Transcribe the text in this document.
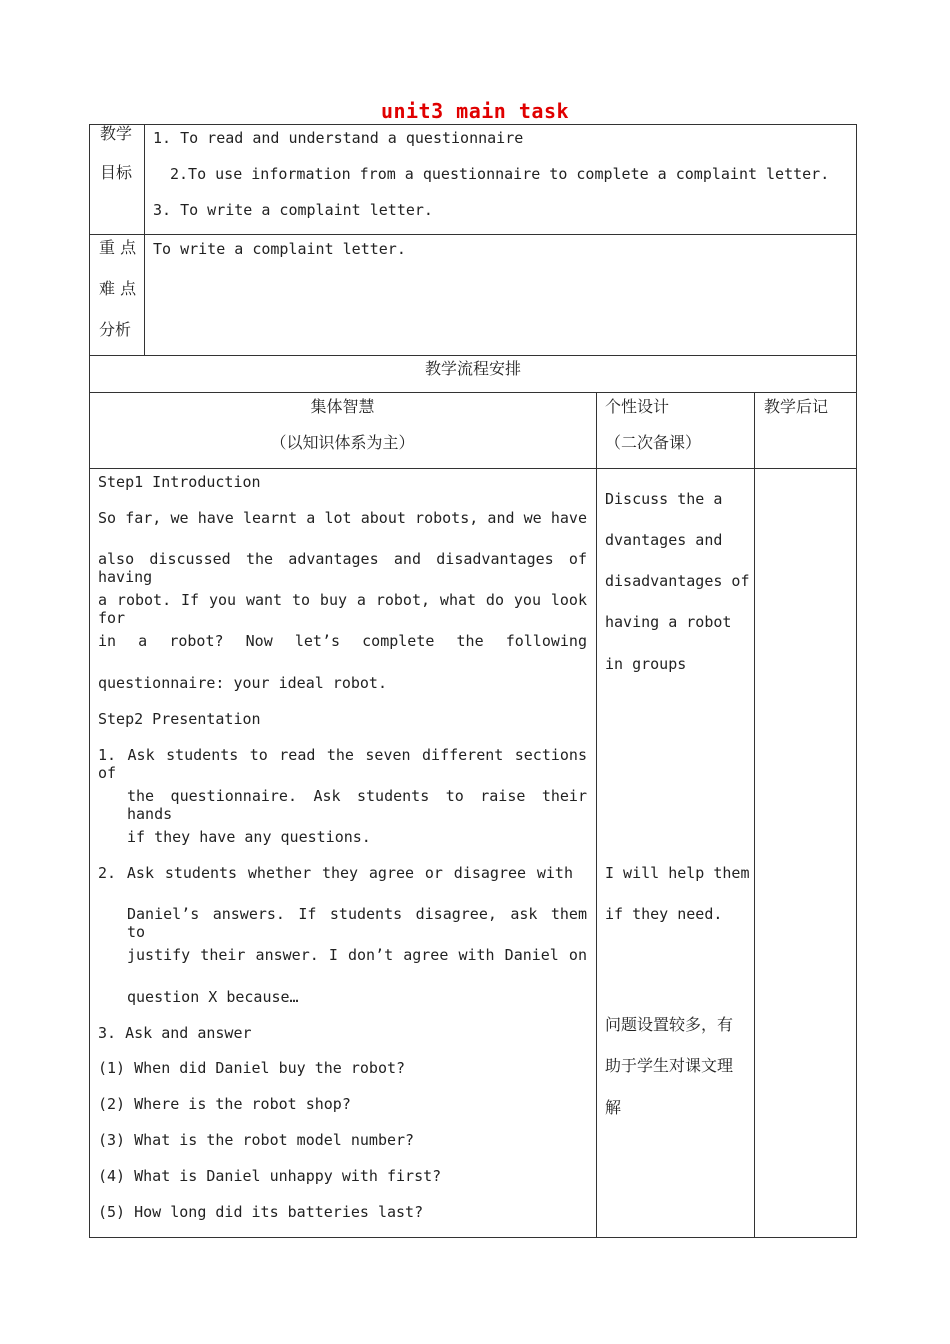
unit3 main task
教学
目标
1. To read and understand a questionnaire
2.To use information from a questionnaire to complete a complaint letter.
3. To write a complaint letter.
重 点
难 点
分析
To write a complaint letter.
教学流程安排
集体智慧
（以知识体系为主）
个性设计
（二次备课）
教学后记
Step1 Introduction
So far, we have learnt a lot about robots, and we have
also discussed the advantages and disadvantages of having
a robot. If you want to buy a robot, what do you look for
in a robot? Now let’s complete the following
questionnaire: your ideal robot.
Step2 Presentation
1. Ask students to read the seven different sections of
the questionnaire. Ask students to raise their hands
if they have any questions.
2. Ask students whether they agree or disagree with
Daniel’s answers. If students disagree, ask them to
justify their answer. I don’t agree with Daniel on
question X because…
3. Ask and answer
(1) When did Daniel buy the robot?
(2) Where is the robot shop?
(3) What is the robot model number?
(4) What is Daniel unhappy with first?
(5) How long did its batteries last?
Discuss the a
dvantages and
disadvantages of
having a robot
in groups
I will help them
if they need.
问题设置较多，有
助于学生对课文理
解
